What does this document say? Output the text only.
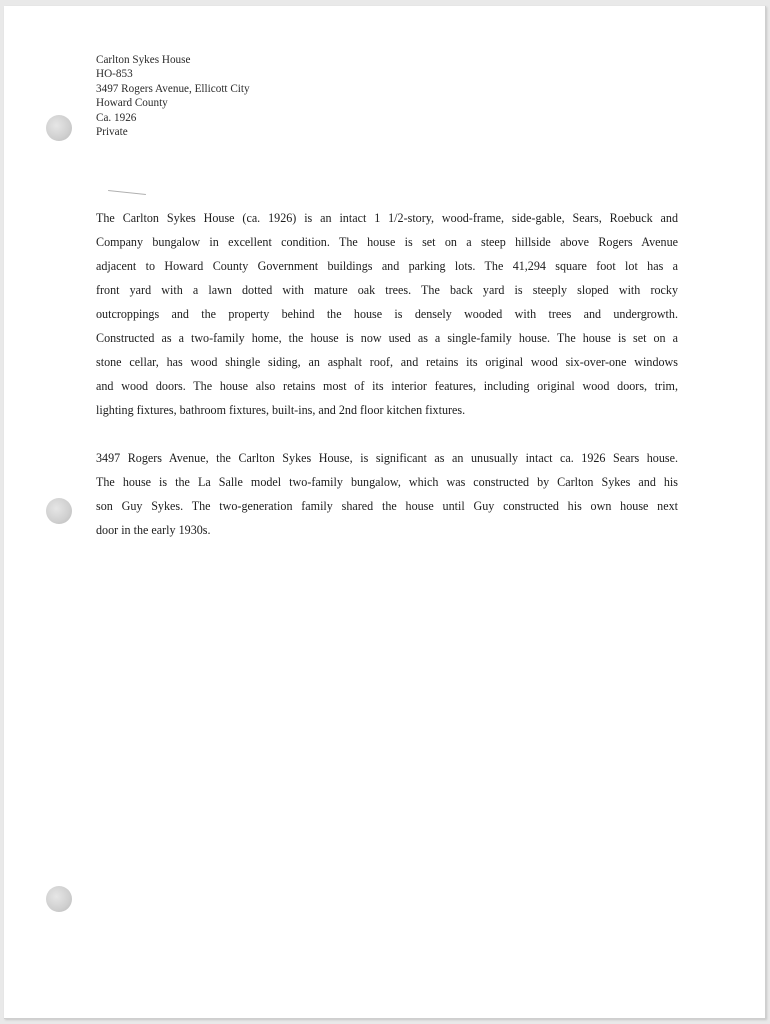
Carlton Sykes House
HO-853
3497 Rogers Avenue, Ellicott City
Howard County
Ca. 1926
Private
The Carlton Sykes House (ca. 1926) is an intact 1 1/2-story, wood-frame, side-gable, Sears, Roebuck and
Company bungalow in excellent condition. The house is set on a steep hillside above Rogers Avenue
adjacent to Howard County Government buildings and parking lots. The 41,294 square foot lot has a
front yard with a lawn dotted with mature oak trees. The back yard is steeply sloped with rocky
outcroppings and the property behind the house is densely wooded with trees and undergrowth.
Constructed as a two-family home, the house is now used as a single-family house. The house is set on a
stone cellar, has wood shingle siding, an asphalt roof, and retains its original wood six-over-one windows
and wood doors. The house also retains most of its interior features, including original wood doors, trim,
lighting fixtures, bathroom fixtures, built-ins, and 2nd floor kitchen fixtures.
3497 Rogers Avenue, the Carlton Sykes House, is significant as an unusually intact ca. 1926 Sears house.
The house is the La Salle model two-family bungalow, which was constructed by Carlton Sykes and his
son Guy Sykes. The two-generation family shared the house until Guy constructed his own house next
door in the early 1930s.
